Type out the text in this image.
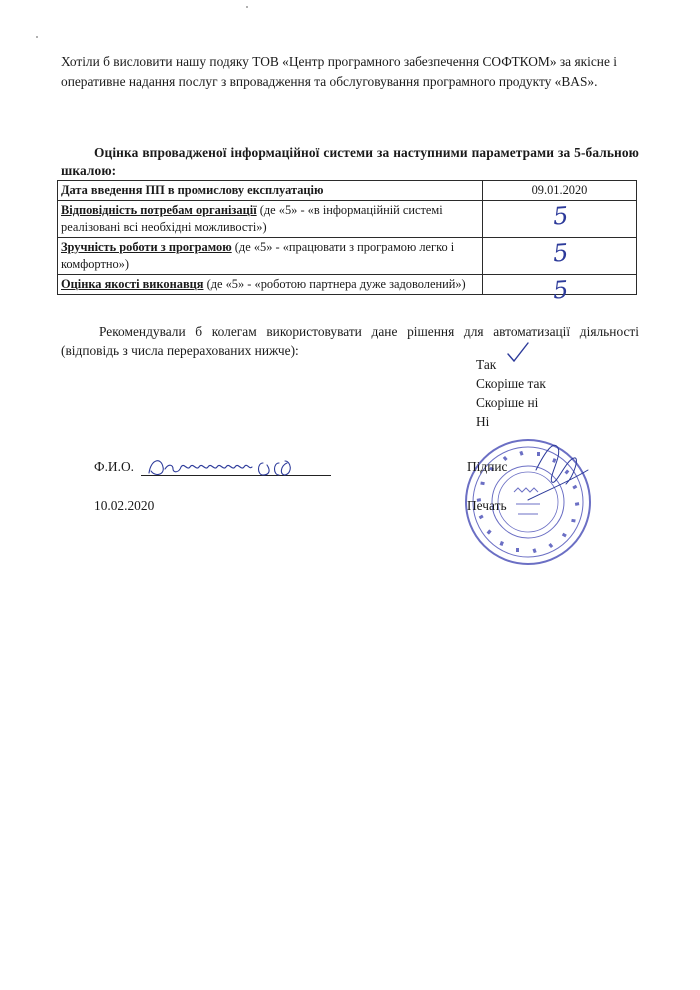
Хотіли б висловити нашу подяку ТОВ «Центр програмного забезпечення СОФТКОМ» за якісне і оперативне надання послуг з впровадження та обслуговування програмного продукту «BAS».
Оцінка впровадженої інформаційної системи за наступними параметрами за 5-бальною шкалою:
Дата введення ПП в промислову експлуатацію	09.01.2020
Відповідність потребам організації (де «5» - «в інформаційній системі реалізовані всі необхідні можливості»)	5

Зручність роботи з програмою (де «5» - «працювати з програмою легко і комфортно»)	5

Оцінка якості виконавця (де «5» - «роботою партнера дуже задоволений»)	5
Рекомендували б колегам використовувати дане рішення для автоматизації діяльності (відповідь з числа перерахованих нижче):
Так
Скоріше так
Скоріше ні
Ні
Ф.И.О.
10.02.2020
Підпис
Печать
